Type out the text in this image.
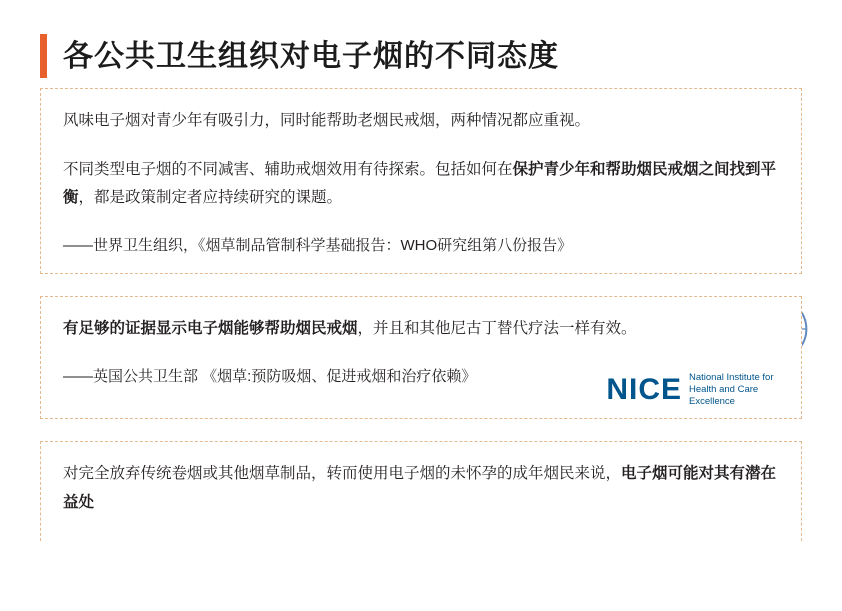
各公共卫生组织对电子烟的不同态度

风味电子烟对青少年有吸引力，同时能帮助老烟民戒烟，两种情况都应重视。

不同类型电子烟的不同减害、辅助戒烟效用有待探索。包括如何在保护青少年和帮助烟民戒烟之间找到平衡，都是政策制定者应持续研究的课题。

——世界卫生组织，《烟草制品管制科学基础报告：WHO研究组第八份报告》

有足够的证据显示电子烟能够帮助烟民戒烟，并且和其他尼古丁替代疗法一样有效。

——英国公共卫生部 《烟草:预防吸烟、促进戒烟和治疗依赖》	NICE National Institute for
Health and Care Excellence

对完全放弃传统卷烟或其他烟草制品，转而使用电子烟的未怀孕的成年烟民来说，电子烟可能对其有潜在益处
